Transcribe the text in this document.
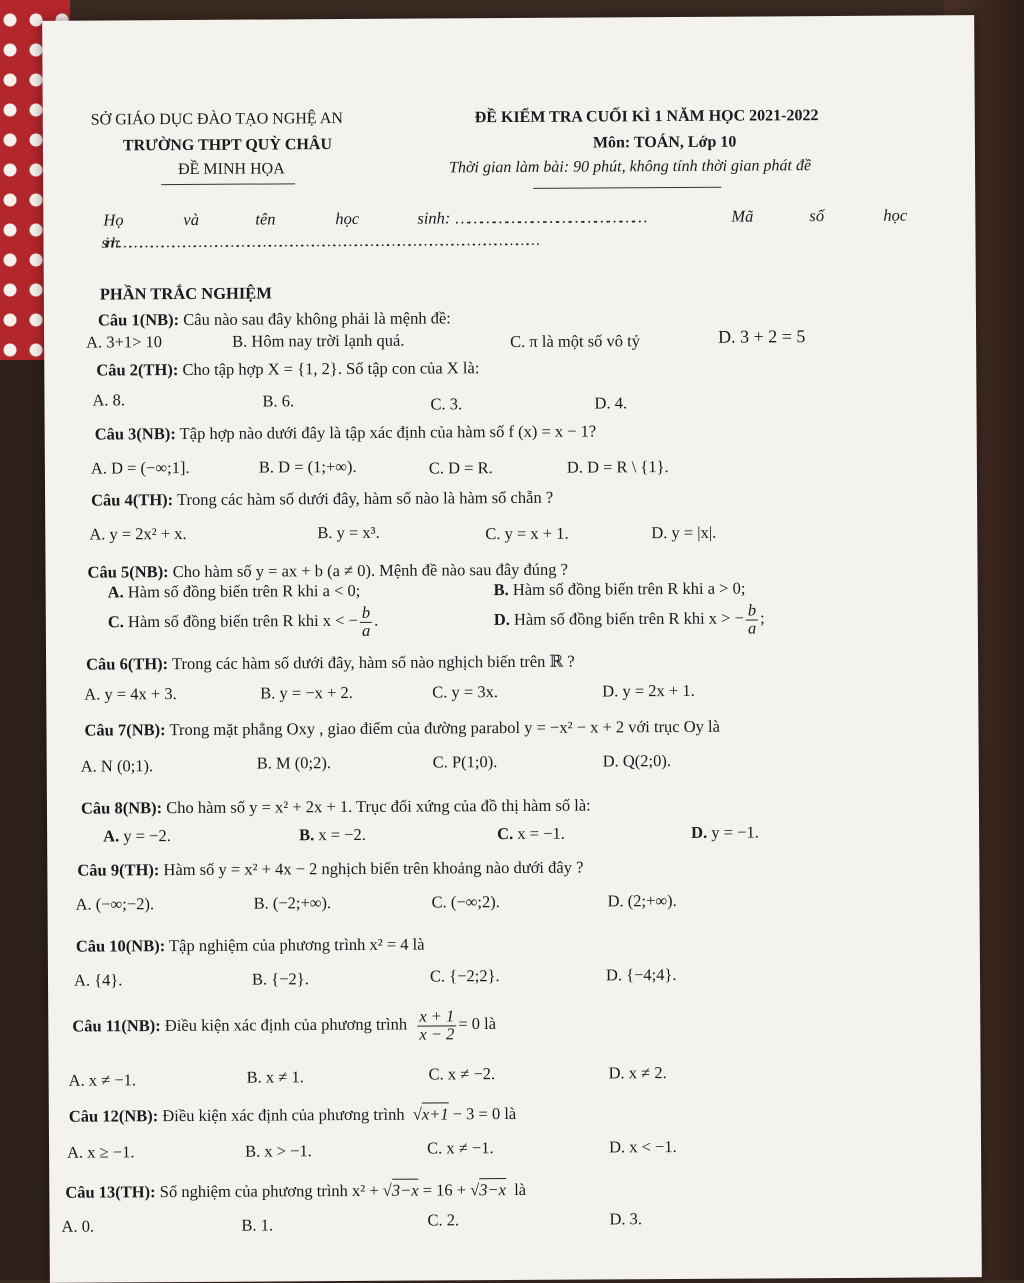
SỞ GIÁO DỤC ĐÀO TẠO NGHỆ AN
TRƯỜNG THPT QUỲ CHÂU
ĐỀ MINH HỌA
ĐỀ KIỂM TRA CUỐI KÌ 1 NĂM HỌC 2021-2022
Môn: TOÁN, Lớp 10
Thời gian làm bài: 90 phút, không tính thời gian phát đề
Họ	và	tên	học	sinh: ………………………………………	Mã	số	học
sinh:………………………………………………………………………………………………………
PHẦN TRẮC NGHIỆM
Câu 1(NB): Câu nào sau đây không phải là mệnh đề:
A. 3+1> 10	B. Hôm nay trời lạnh quá.	C. π là một số vô tỷ	D. 3 + 2 = 5
Câu 2(TH): Cho tập hợp X = {1, 2}. Số tập con của X là:
A. 8.	B. 6.	C. 3.	D. 4.
Câu 3(NB): Tập hợp nào dưới đây là tập xác định của hàm số f (x) = x − 1?
A. D = (−∞;1].	B. D = (1;+∞).	C. D = R.	D. D = R \ {1}.
Câu 4(TH): Trong các hàm số dưới đây, hàm số nào là hàm số chẵn ?
A. y = 2x² + x.	B. y = x³.	C. y = x + 1.	D. y = |x|.
Câu 5(NB): Cho hàm số y = ax + b (a ≠ 0). Mệnh đề nào sau đây đúng ?
A. Hàm số đồng biến trên R khi a < 0;	B. Hàm số đồng biến trên R khi a > 0;
C. Hàm số đồng biến trên R khi x < − $\frac{b}{a}$ .	D. Hàm số đồng biến trên R khi x > − $\frac{b}{a}$ ;
Câu 6(TH): Trong các hàm số dưới đây, hàm số nào nghịch biến trên ℝ ?
A. y = 4x + 3.	B. y = −x + 2.	C. y = 3x.	D. y = 2x + 1.
Câu 7(NB): Trong mặt phẳng Oxy , giao điểm của đường parabol y = −x² − x + 2 với trục Oy là
A. N (0;1).	B. M (0;2).	C. P(1;0).	D. Q(2;0).
Câu 8(NB): Cho hàm số y = x² + 2x + 1. Trục đối xứng của đồ thị hàm số là:
A. y = −2.	B. x = −2.	C. x = −1.	D. y = −1.
Câu 9(TH): Hàm số y = x² + 4x − 2 nghịch biến trên khoảng nào dưới đây ?
A. (−∞;−2).	B. (−2;+∞).	C. (−∞;2).	D. (2;+∞).
Câu 10(NB): Tập nghiệm của phương trình x² = 4 là
A. {4}.	B. {−2}.	C. {−2;2}.	D. {−4;4}.
Câu 11(NB): Điều kiện xác định của phương trình $\frac{x + 1}{x - 2} = 0$ là
A. x ≠ −1.	B. x ≠ 1.	C. x ≠ −2.	D. x ≠ 2.
Câu 12(NB): Điều kiện xác định của phương trình  √x+1 − 3 = 0 là
A. x ≥ −1.	B. x > −1.	C. x ≠ −1.	D. x < −1.
Câu 13(TH): Số nghiệm của phương trình x² + √3−x = 16 + √3−x là
A. 0.	B. 1.	C. 2.	D. 3.
